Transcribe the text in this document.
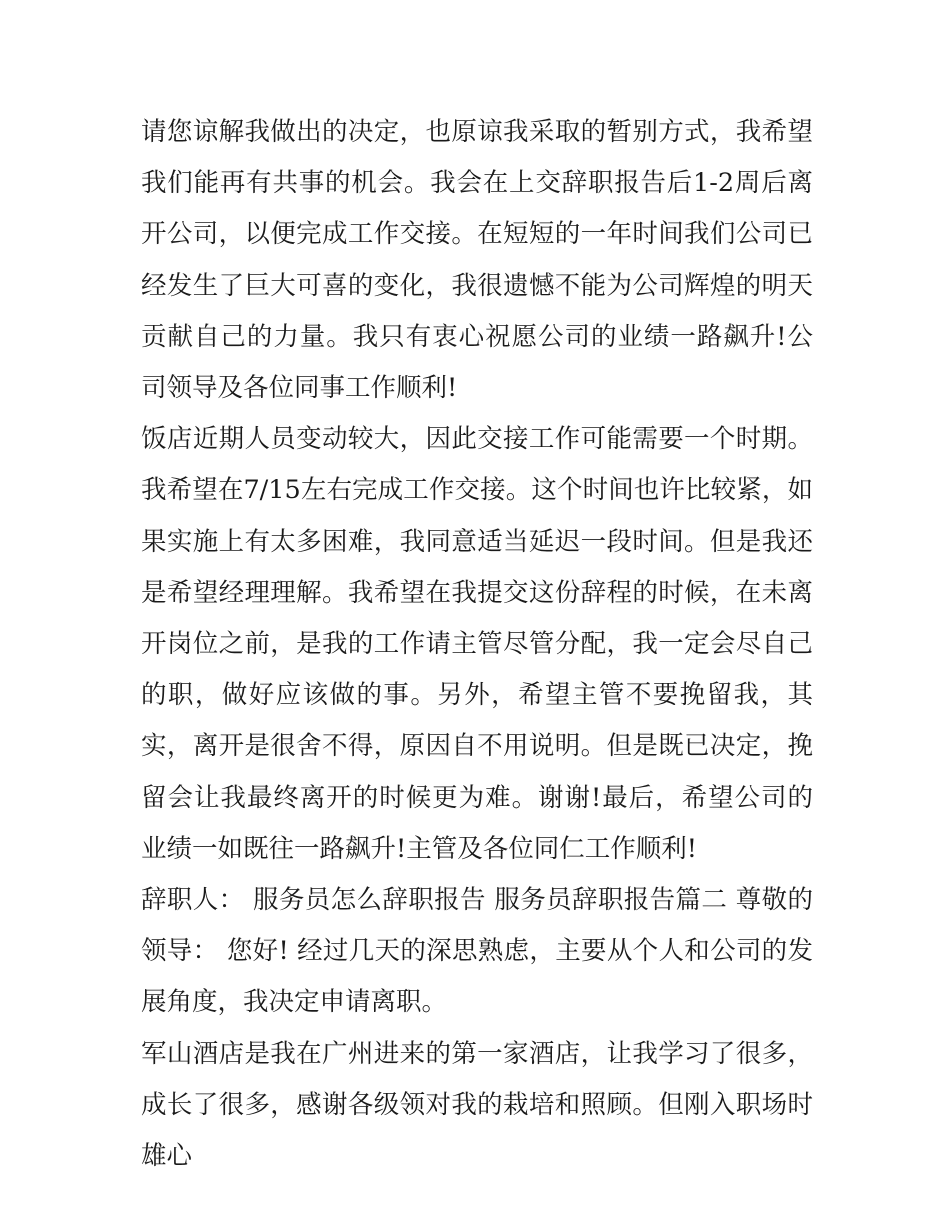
请您谅解我做出的决定，也原谅我采取的暂别方式，我希望我们能再有共事的机会。我会在上交辞职报告后1-2周后离开公司，以便完成工作交接。在短短的一年时间我们公司已经发生了巨大可喜的变化，我很遗憾不能为公司辉煌的明天贡献自己的力量。我只有衷心祝愿公司的业绩一路飙升!公司领导及各位同事工作顺利!

饭店近期人员变动较大，因此交接工作可能需要一个时期。我希望在7/15左右完成工作交接。这个时间也许比较紧，如果实施上有太多困难，我同意适当延迟一段时间。但是我还是希望经理理解。我希望在我提交这份辞程的时候，在未离开岗位之前，是我的工作请主管尽管分配，我一定会尽自己的职，做好应该做的事。另外，希望主管不要挽留我，其实，离开是很舍不得，原因自不用说明。但是既已决定，挽留会让我最终离开的时候更为难。谢谢!最后，希望公司的业绩一如既往一路飙升!主管及各位同仁工作顺利!

辞职人： 服务员怎么辞职报告 服务员辞职报告篇二 尊敬的领导： 您好! 经过几天的深思熟虑，主要从个人和公司的发展角度，我决定申请离职。

军山酒店是我在广州进来的第一家酒店，让我学习了很多，成长了很多，感谢各级领对我的栽培和照顾。但刚入职场时雄心
